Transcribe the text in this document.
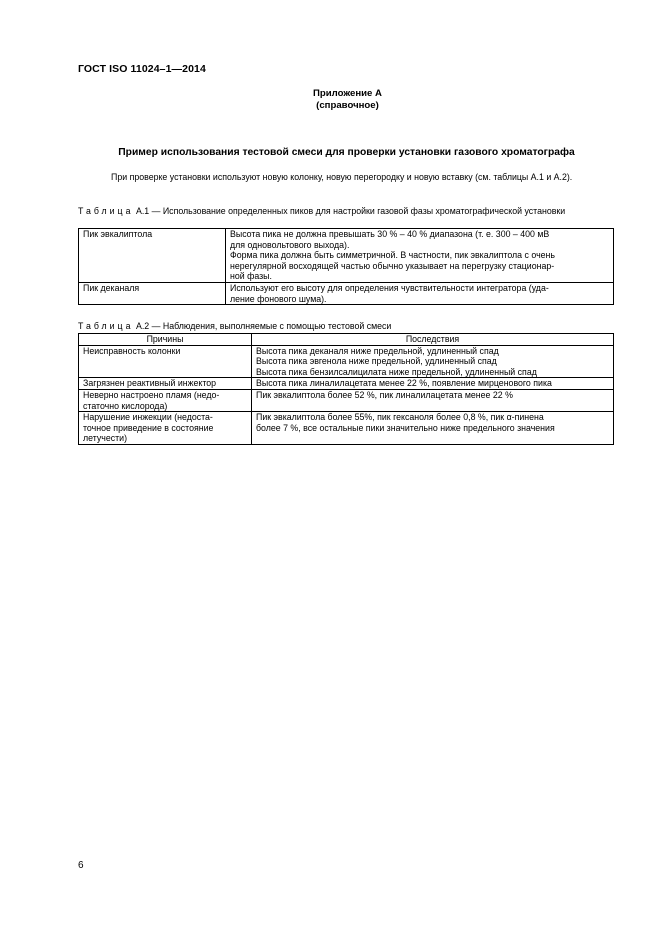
ГОСТ ISO 11024–1—2014
Приложение А
(справочное)
Пример использования тестовой смеси для проверки установки газового хроматографа
При проверке установки используют новую колонку, новую перегородку и новую вставку (см. таблицы А.1 и А.2).
Таблица А.1 — Использование определенных пиков для настройки газовой фазы хроматографической установки
Пик эвкалиптола	Высота пика не должна превышать 30 % – 40 % диапазона (т. е. 300 – 400 мВ
для одновольтового выхода).
Форма пика должна быть симметричной. В частности, пик эвкалиптола с очень
нерегулярной восходящей частью обычно указывает на перегрузку стационар-
ной фазы.

Пик деканаля	Используют его высоту для определения чувствительности интегратора (уда-
ление фонового шума).
Таблица А.2 — Наблюдения, выполняемые с помощью тестовой смеси
Причины	Последствия

Неисправность колонки	Высота пика деканаля ниже предельной, удлиненный спад
Высота пика эвгенола ниже предельной, удлиненный спад
Высота пика бензилсалицилата ниже предельной, удлиненный спад

Загрязнен реактивный инжектор	Высота пика линалилацетата менее 22 %, появление мирценового пика

Неверно настроено пламя (недо-
статочно кислорода)	Пик эвкалиптола более 52 %, пик линалилацетата менее 22 %

Нарушение инжекции (недоста-
точное приведение в состояние
летучести)	Пик эвкалиптола более 55%, пик гексаноля более 0,8 %, пик α-пинена
более 7 %, все остальные пики значительно ниже предельного значения
6
